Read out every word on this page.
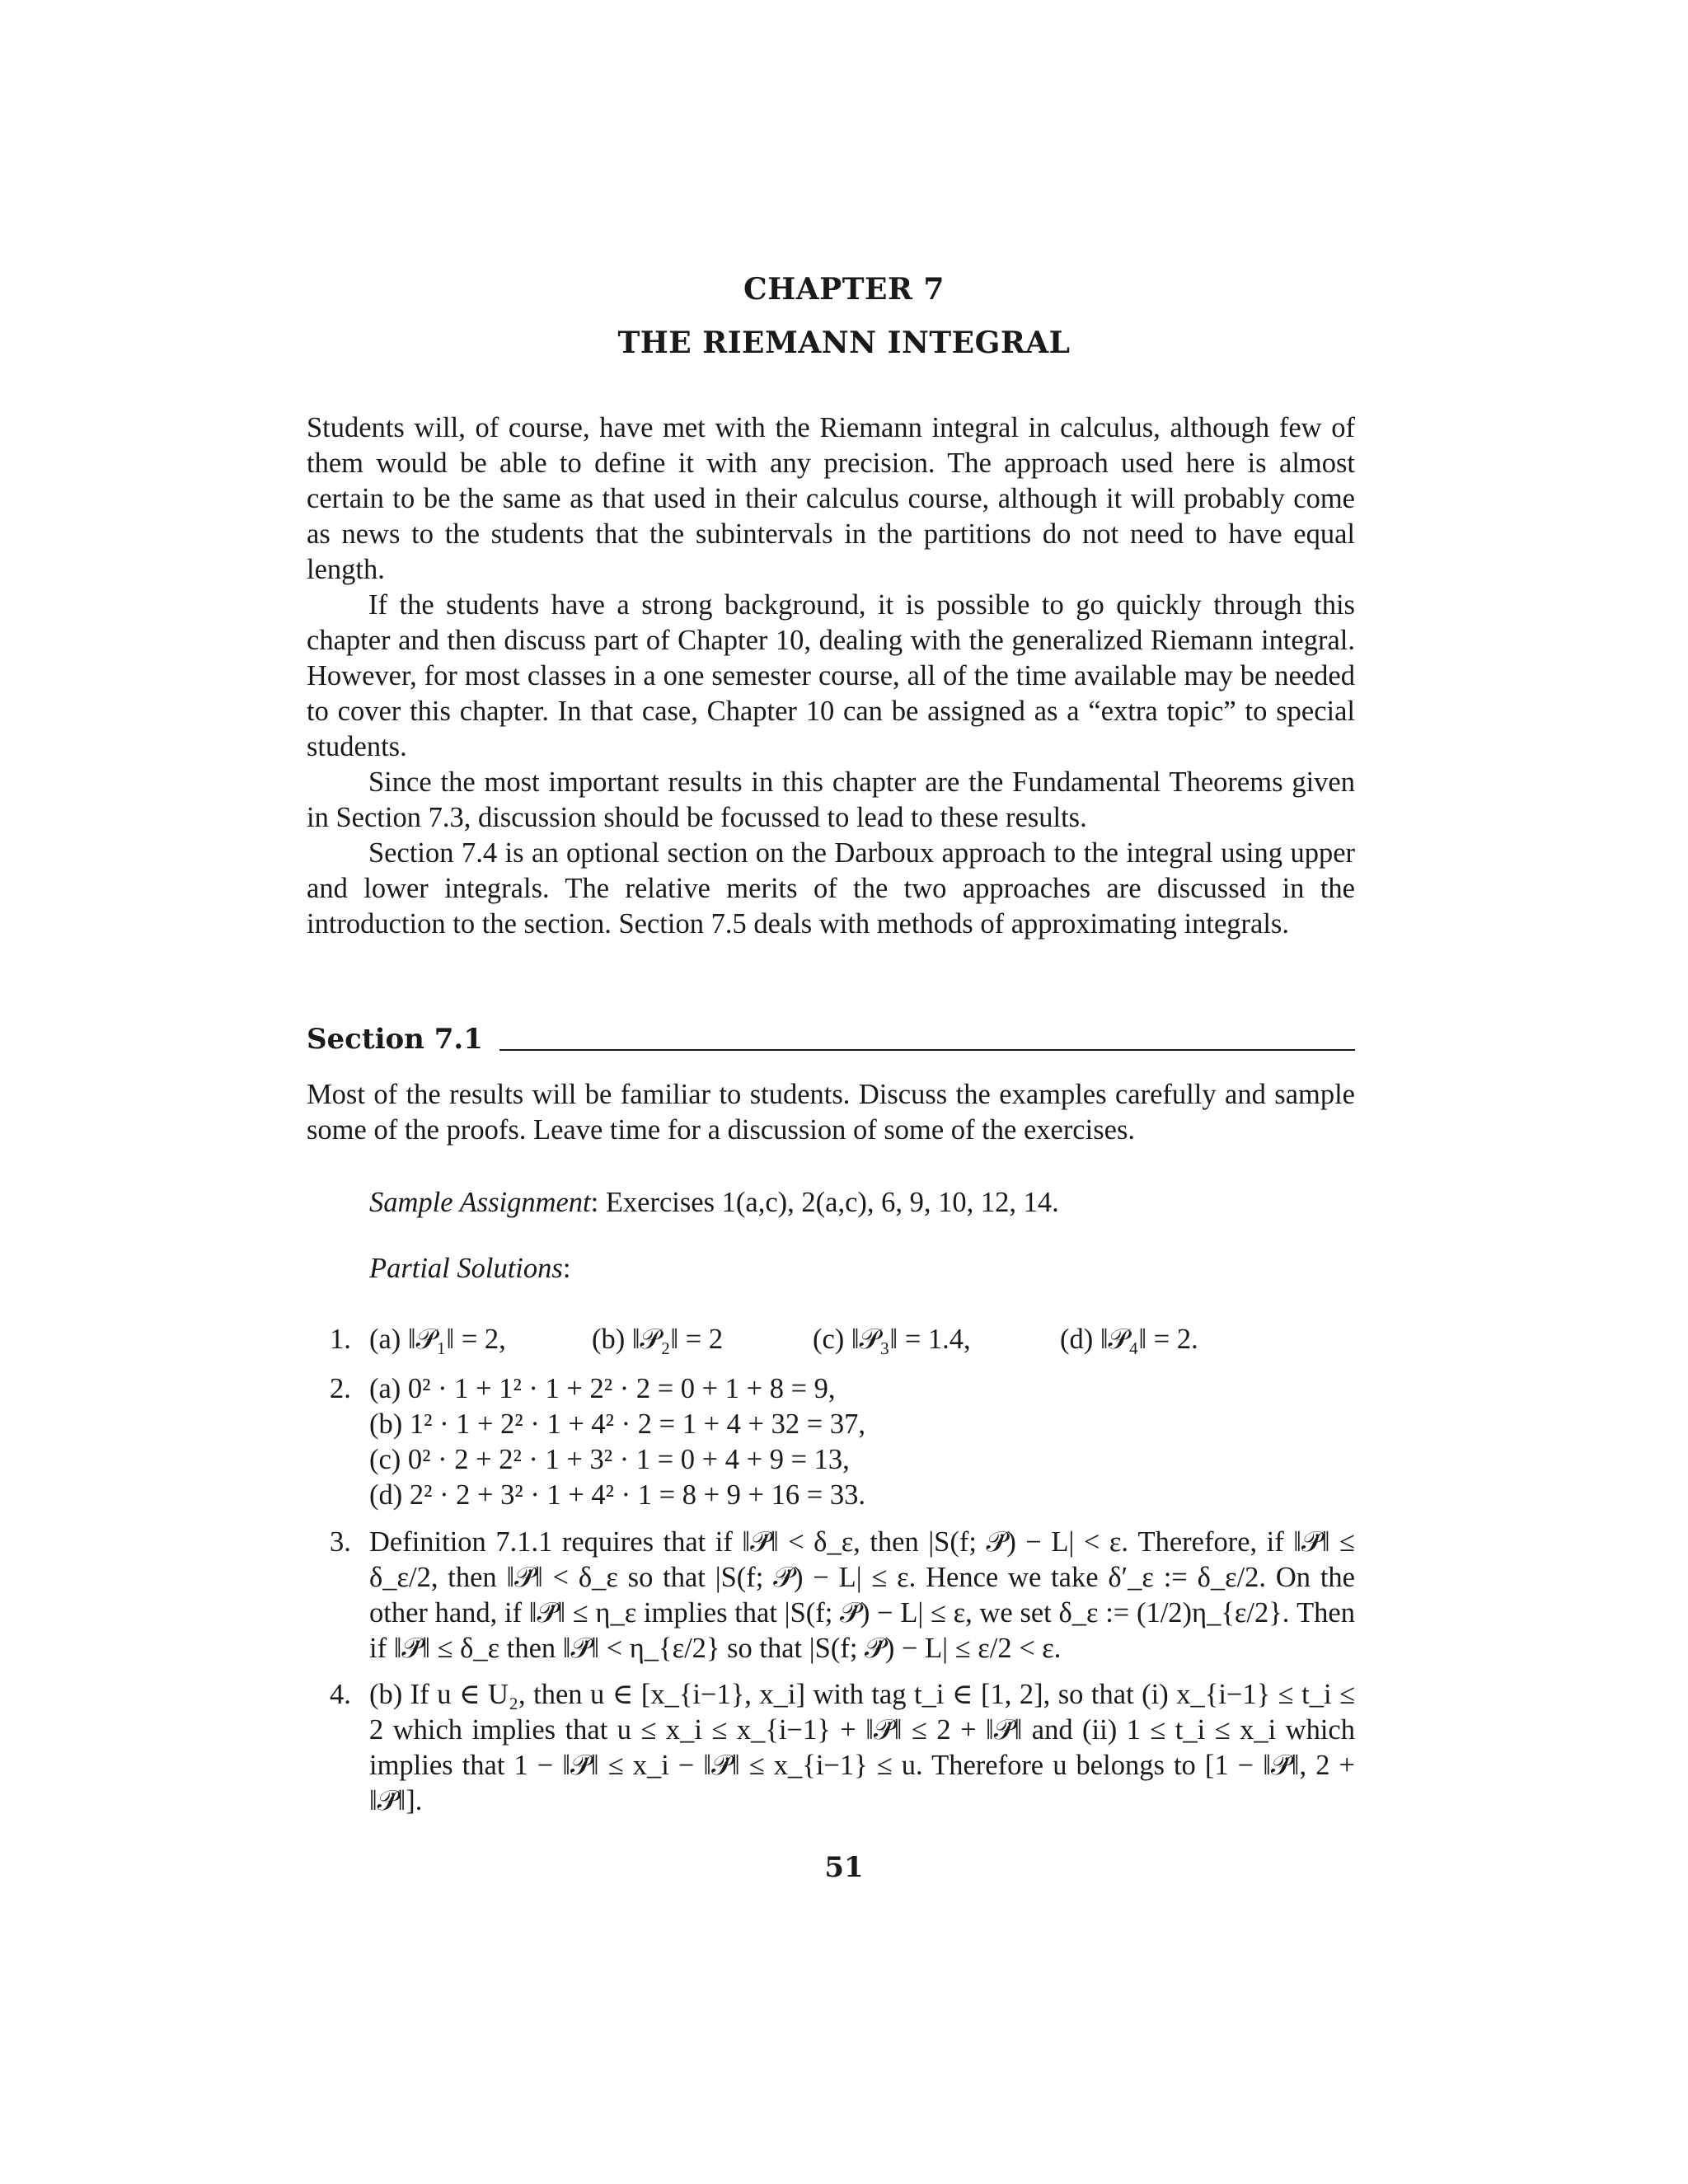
CHAPTER 7
THE RIEMANN INTEGRAL

Students will, of course, have met with the Riemann integral in calculus, although few of them would be able to define it with any precision. The approach used here is almost certain to be the same as that used in their calculus course, although it will probably come as news to the students that the subintervals in the partitions do not need to have equal length.

If the students have a strong background, it is possible to go quickly through this chapter and then discuss part of Chapter 10, dealing with the generalized Riemann integral. However, for most classes in a one semester course, all of the time available may be needed to cover this chapter. In that case, Chapter 10 can be assigned as a “extra topic” to special students.

Since the most important results in this chapter are the Fundamental Theorems given in Section 7.3, discussion should be focussed to lead to these results.

Section 7.4 is an optional section on the Darboux approach to the integral using upper and lower integrals. The relative merits of the two approaches are discussed in the introduction to the section. Section 7.5 deals with methods of approximating integrals.

Section 7.1

Most of the results will be familiar to students. Discuss the examples carefully and sample some of the proofs. Leave time for a discussion of some of the exercises.

Sample Assignment: Exercises 1(a,c), 2(a,c), 6, 9, 10, 12, 14.
Partial Solutions:
1. (a) ‖𝒫₁‖ = 2,	(b) ‖𝒫₂‖ = 2	(c) ‖𝒫₃‖ = 1.4,	(d) ‖𝒫₄‖ = 2.
2. (a) 0² · 1 + 1² · 1 + 2² · 2 = 0 + 1 + 8 = 9,
(b) 1² · 1 + 2² · 1 + 4² · 2 = 1 + 4 + 32 = 37,
(c) 0² · 2 + 2² · 1 + 3² · 1 = 0 + 4 + 9 = 13,
(d) 2² · 2 + 3² · 1 + 4² · 1 = 8 + 9 + 16 = 33.
3. Definition 7.1.1 requires that if ‖𝒫̇‖ < δ_ε, then |S(f; 𝒫̇) − L| < ε. Therefore, if ‖𝒫̇‖ ≤ δ_ε/2, then ‖𝒫̇‖ < δ_ε so that |S(f; 𝒫̇) − L| ≤ ε. Hence we take δ′_ε := δ_ε/2. On the other hand, if ‖𝒫̇‖ ≤ η_ε implies that |S(f; 𝒫̇) − L| ≤ ε, we set δ_ε := (1/2)η_{ε/2}. Then if ‖𝒫̇‖ ≤ δ_ε then ‖𝒫̇‖ < η_{ε/2} so that |S(f; 𝒫̇) − L| ≤ ε/2 < ε.
4. (b) If u ∈ U₂, then u ∈ [x_{i−1}, x_i] with tag t_i ∈ [1, 2], so that (i) x_{i−1} ≤ t_i ≤ 2 which implies that u ≤ x_i ≤ x_{i−1} + ‖𝒫̇‖ ≤ 2 + ‖𝒫̇‖ and (ii) 1 ≤ t_i ≤ x_i which implies that 1 − ‖𝒫̇‖ ≤ x_i − ‖𝒫̇‖ ≤ x_{i−1} ≤ u. Therefore u belongs to [1 − ‖𝒫̇‖, 2 + ‖𝒫̇‖].
51
